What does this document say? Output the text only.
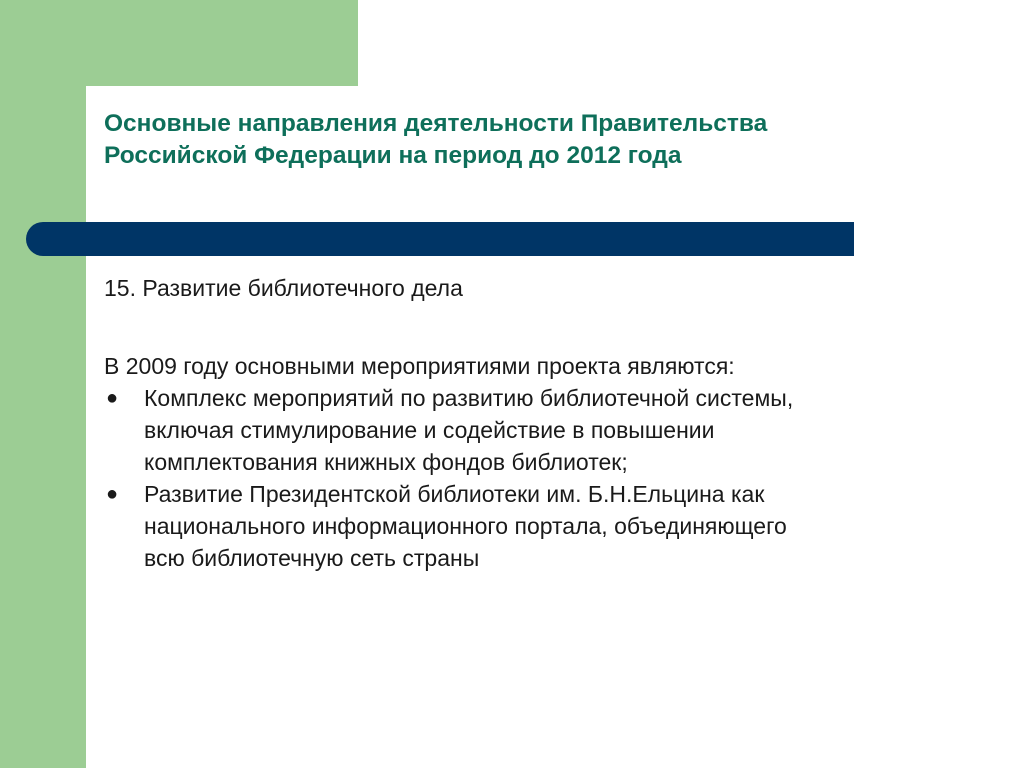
Основные направления деятельности Правительства
Российской Федерации на период до 2012 года

15. Развитие библиотечного дела

В 2009 году основными мероприятиями проекта являются:

● Комплекс мероприятий по развитию библиотечной системы,
включая стимулирование и содействие в повышении
комплектования книжных фондов библиотек;
● Развитие Президентской библиотеки им. Б.Н.Ельцина как
национального информационного портала, объединяющего
всю библиотечную сеть страны
